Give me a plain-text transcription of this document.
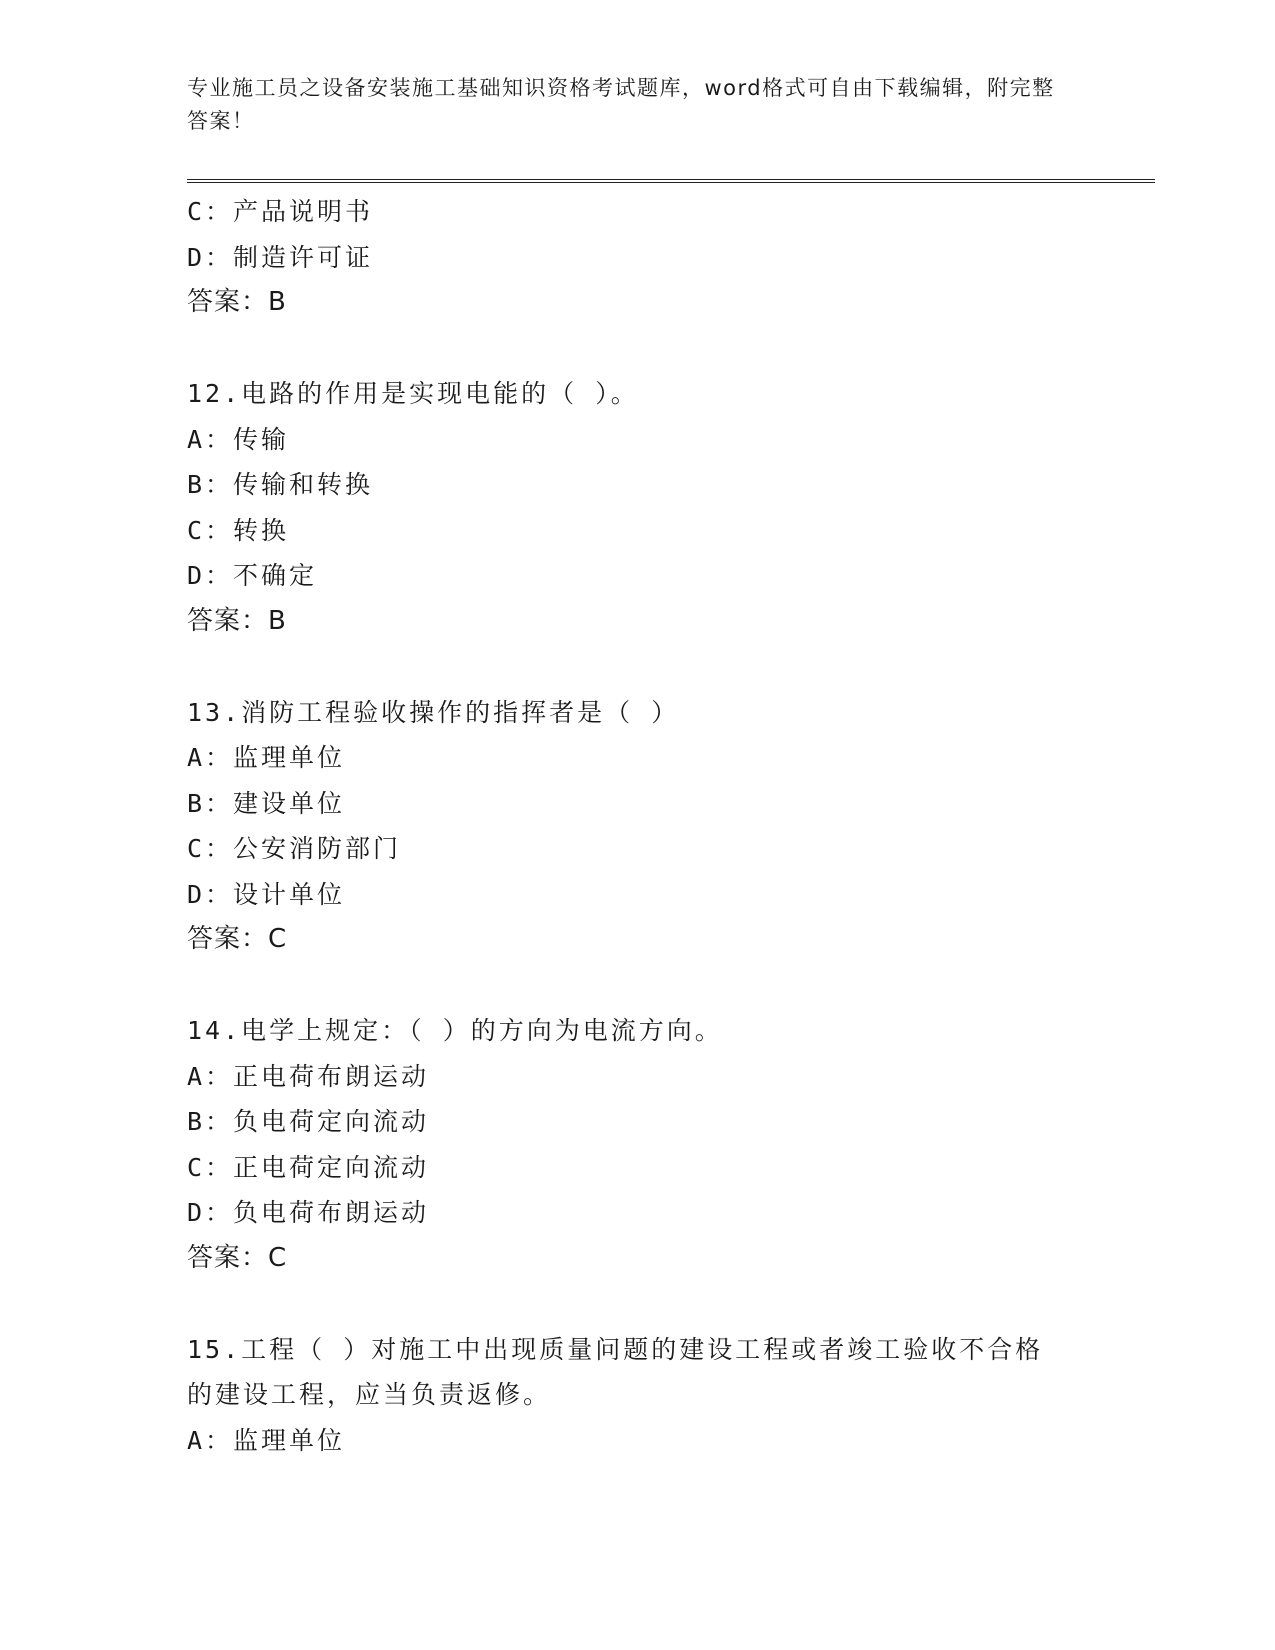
专业施工员之设备安装施工基础知识资格考试题库，word格式可自由下载编辑，附完整答案！
C：产品说明书
D：制造许可证
答案：B
12.电路的作用是实现电能的（ ）。
A：传输
B：传输和转换
C：转换
D：不确定
答案：B
13.消防工程验收操作的指挥者是（ ）
A：监理单位
B：建设单位
C：公安消防部门
D：设计单位
答案：C
14.电学上规定：（ ）的方向为电流方向。
A：正电荷布朗运动
B：负电荷定向流动
C：正电荷定向流动
D：负电荷布朗运动
答案：C
15.工程（ ）对施工中出现质量问题的建设工程或者竣工验收不合格的建设工程，应当负责返修。
A：监理单位
